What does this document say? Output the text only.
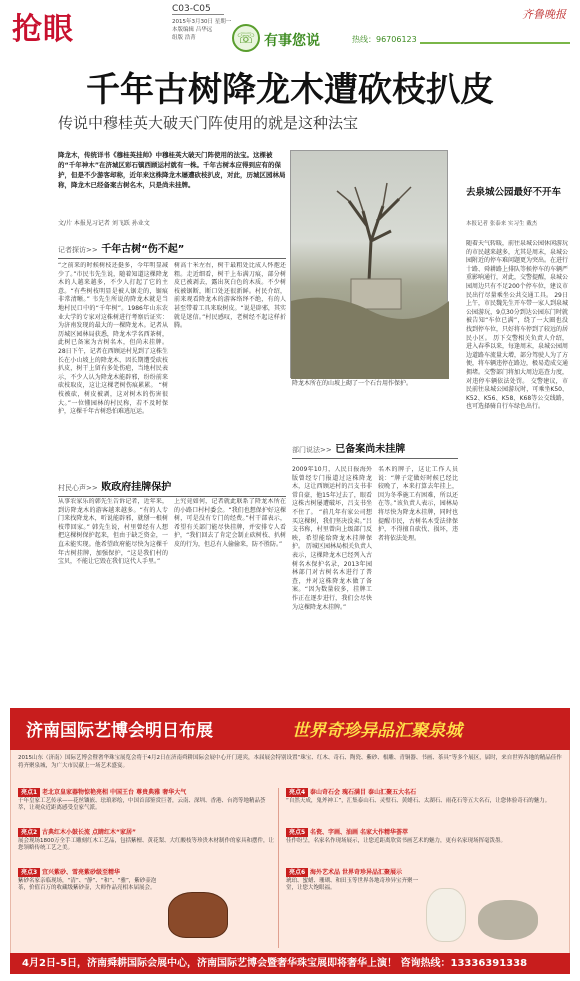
抢眼
C03-C05
2015年3月30日 星期一
本版编辑 吕华远
组版 浩菁
齐鲁晚报
☏ 有事您说	热线：96706123
千年古树降龙木遭砍枝扒皮
传说中穆桂英大破天门阵使用的就是这种法宝
降龙木，传统详书《穆桂英挂帅》中穆桂英大破天门阵使用的法宝。这棵被的“千年神木”在济城区彩石镇西顾运村就有一株。千年古树本应得到应有的保护，但是不少游客却称，近年来这株降龙木屡遭砍枝扒皮，对此，历城区园林局称，降龙木已经备案古树名木，只是尚未挂牌。
文/片 本报见习记者 刘飞跃 孙业文
降龙木所在的山坡上砌了一个石台用作保护。
记者探访>> 千年古树“伤不起”
“之前来的时候树枝还挺多，今年明显减少了。”市民韦先生说，随着知道这棵降龙木的人越来越多，不少人打起了它的主意。“有些树枝明显是被人锯走的，锯痕非常清晰。” 韦先生所说的降龙木就是当地村民口中的“千年树”。1986年山东农业大学的专家对这株树进行考察后证实：为济南发现的最大的一棵降龙木。记者从历城区园林局获悉，降龙木学名西茶树，此树已备案为古树名木，但尚未挂牌。 28日下午，记者在西顾运村见到了这株生长在小山坡上的降龙木，因长期遭受砍枝扒皮，树干上留有多处伤疤，当地村民表示，不少人认为降龙木能辟邪，纷纷前来砍枝取皮，这让这棵老树伤痕累累。 “树枝被砍，树皮被剥，这对树木的伤害很大。”一位懂园林的村民称，若不及时保护，这棵千年古树恐怕难逃厄运。
树高十米左右，树干最粗处比成人怀抱还粗。走近细看，树干上布满刀痕，部分树皮已被剥去，露出灰白色的木质。不少树枝被锯断，断口处还很新鲜。村民介绍，前来观看降龙木的游客络绎不绝，有的人甚至带着工具来取树皮。“说是辟邪，其实就是迷信。”村民感叹，老树经不起这样折腾。
村民心声>> 败政府挂牌保护
从事农家乐的韩先生告诉记者，近年来，到访降龙木的游客越来越多。“有的人专门来找降龙木，听说能辟邪，就掰一根树枝带回家。” 韩先生说，村里曾经有人想把这棵树保护起来，但由于缺乏资金，一直未能实现。他希望政府能尽快为这棵千年古树挂牌，加强保护，“这是我们村的宝贝，不能让它毁在我们这代人手里。”
上究竟如何，记者就此联系了降龙木所在的小路口村村委会。“我们也想保护好这棵树，可是没有专门的经费。”村干部表示，希望有关部门能尽快挂牌，并安排专人看护，“我们回去了肯定会制止砍树枝、扒树皮的行为，但总有人偷偷来，防不胜防。”
部门说法>> 已备案尚未挂牌
2009年10月，人民日报海外版曾经专门报道过这株降龙木，这让西顾运村的吕支书非常自豪，他15年过去了，眼看这株古树屡遭破坏，吕支书坐不住了。 “前几年有家公司想买这棵树，我们坚决没卖。”吕支书称，村里曾向上级部门反映，希望能给降龙木挂牌保护。 历城区园林局相关负责人表示，这棵降龙木已经列入古树名木保护名录，2013年园林部门对古树名木进行了普查，并对这株降龙木做了备案。“因为数量较多，挂牌工作正在逐步进行，我们会尽快为这棵降龙木挂牌。”
名木的牌子，这让工作人员说：“牌子定做好时候已经比较晚了，本来打算去年挂上，因为冬季施工有困难，所以还在等。”该负责人表示，园林局将尽快为降龙木挂牌，同时也提醒市民，古树名木受法律保护，不得擅自砍伐、损坏，违者将依法处理。
去泉城公园最好不开车
本报记者 张泰来 实习生 戴杰
随着天气转暖，前往泉城公园休闲游玩的市民越来越多，尤其是周末，泉城公园附近的停车难问题更为突出。在进行十路、舜耕路上排队等候停车的车辆严重影响通行，对此，交警提醒，泉城公园周边只有不足200个停车位，建议市民出行尽量乘坐公共交通工具。 29日上午，市民魏先生开车带一家人到泉城公园游玩，9点30分到达公园东门时就被告知“车位已满”，绕了一大圈也没找到停车位，只好将车停到了较远的居民小区。 历下交警相关负责人介绍，进入春季以来，每逢周末，泉城公园周边道路车流量大增，部分驾驶人为了方便，将车辆违停在路边，极易造成交通拥堵。交警部门将加大周边巡查力度，对违停车辆依法处罚。 交警建议，市民前往泉城公园游玩时，可乘坐K50、K52、K56、K58、K68等公交线路，也可选择骑自行车绿色出行。
济南国际艺博会明日布展	世界奇珍异品汇聚泉城
2015山东（济南）国际艺博会暨奢华珠宝展览会将于4月2日在济南舜耕国际会展中心开门迎宾，本届展会特别设置“珠宝、红木、奇石、陶瓷、紫砂、根雕、青铜器、书画、茶具”等多个展区，届时，来自世界各地的精品佳作将齐聚泉城，为广大市民献上一场艺术盛宴。
亮点1 老北京皇家器物惊艳亮相 中国王台 尊贵典雅 奢华大气
千年皇家工艺传承——花丝镶嵌、珐琅彩绘，中国首部鉴赏巨著，云南、深圳、香港、台湾等地精品荟萃，让观众近距离感受皇家气派。
亮点2 古典红木小鼓长流 点睛红木“家居”
展会现场1800万全手工雕刻红木工艺品，包括紫檀、黄花梨、大红酸枝等珍贵木材制作的家具和摆件，让您领略传统工艺之美。
亮点3 宜兴紫砂、雪亮紫砂级至精华
紫砂名家亲临现场，“清”、“静”、“和”、“雅”，紫砂壶泡茶，价值百万的收藏级紫砂壶，大师作品亮相本届展会。
亮点4 泰山奇石会 瑰石满目 泰山汇聚五大名石
“自然天成，鬼斧神工”，汇集泰山石、灵璧石、黄蜡石、太湖石、雨花石等五大名石，让您体验奇石的魅力。
亮点5 名瓷、字画、油画 名家大作精华荟萃
佳作纷呈，名家名作现场展示，让您近距离欣赏书画艺术的魅力，更有名家现场挥毫泼墨。
亮点6 海外艺术品 世界奇珍异品汇聚展示
琥珀、蜜蜡、珊瑚、和田玉等世界各地奇珍异宝齐聚一堂，让您大饱眼福。
4月2日-5日，济南舜耕国际会展中心，济南国际艺博会暨奢华珠宝展即将奢华上演！ 咨询热线：13336391338
